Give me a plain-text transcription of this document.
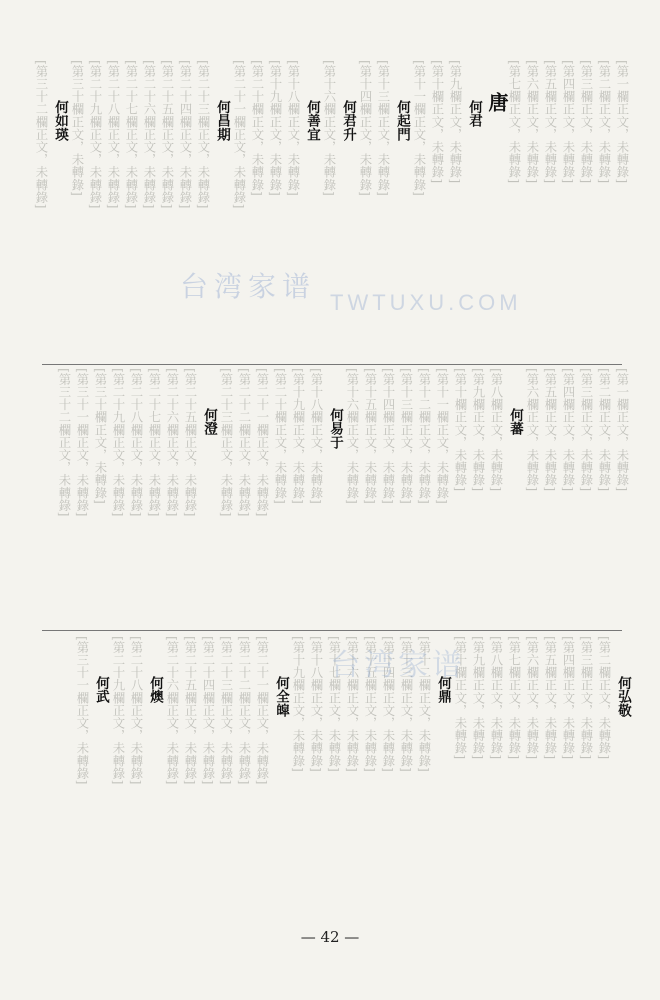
[第一欄正文，未轉錄]
[第二欄正文，未轉錄]
[第三欄正文，未轉錄]
[第四欄正文，未轉錄]
[第五欄正文，未轉錄]
[第六欄正文，未轉錄]
[第七欄正文，未轉錄]
唐
何君
[第九欄正文，未轉錄]
[第十欄正文，未轉錄]
[第十一欄正文，未轉錄]
何起門
[第十三欄正文，未轉錄]
[第十四欄正文，未轉錄]
何君升
[第十六欄正文，未轉錄]
何善宜
[第十八欄正文，未轉錄]
[第十九欄正文，未轉錄]
[第二十欄正文，未轉錄]
[第二十一欄正文，未轉錄]
何昌期
[第二十三欄正文，未轉錄]
[第二十四欄正文，未轉錄]
[第二十五欄正文，未轉錄]
[第二十六欄正文，未轉錄]
[第二十七欄正文，未轉錄]
[第二十八欄正文，未轉錄]
[第二十九欄正文，未轉錄]
[第三十欄正文，未轉錄]
何如瑛
[第三十二欄正文，未轉錄]
[第一欄正文，未轉錄]
[第二欄正文，未轉錄]
[第三欄正文，未轉錄]
[第四欄正文，未轉錄]
[第五欄正文，未轉錄]
[第六欄正文，未轉錄]
何蕃
[第八欄正文，未轉錄]
[第九欄正文，未轉錄]
[第十欄正文，未轉錄]
[第十一欄正文，未轉錄]
[第十二欄正文，未轉錄]
[第十三欄正文，未轉錄]
[第十四欄正文，未轉錄]
[第十五欄正文，未轉錄]
[第十六欄正文，未轉錄]
何易于
[第十八欄正文，未轉錄]
[第十九欄正文，未轉錄]
[第二十欄正文，未轉錄]
[第二十一欄正文，未轉錄]
[第二十二欄正文，未轉錄]
[第二十三欄正文，未轉錄]
何澄
[第二十五欄正文，未轉錄]
[第二十六欄正文，未轉錄]
[第二十七欄正文，未轉錄]
[第二十八欄正文，未轉錄]
[第二十九欄正文，未轉錄]
[第三十欄正文，未轉錄]
[第三十一欄正文，未轉錄]
[第三十二欄正文，未轉錄]
何弘敬
[第二欄正文，未轉錄]
[第三欄正文，未轉錄]
[第四欄正文，未轉錄]
[第五欄正文，未轉錄]
[第六欄正文，未轉錄]
[第七欄正文，未轉錄]
[第八欄正文，未轉錄]
[第九欄正文，未轉錄]
[第十欄正文，未轉錄]
何鼎
[第十二欄正文，未轉錄]
[第十三欄正文，未轉錄]
[第十四欄正文，未轉錄]
[第十五欄正文，未轉錄]
[第十六欄正文，未轉錄]
[第十七欄正文，未轉錄]
[第十八欄正文，未轉錄]
[第十九欄正文，未轉錄]
何全皡
[第二十一欄正文，未轉錄]
[第二十二欄正文，未轉錄]
[第二十三欄正文，未轉錄]
[第二十四欄正文，未轉錄]
[第二十五欄正文，未轉錄]
[第二十六欄正文，未轉錄]
何燠
[第二十八欄正文，未轉錄]
[第二十九欄正文，未轉錄]
何武
[第三十一欄正文，未轉錄]
台湾家谱
TWTUXU.COM
台湾家谱
— 42 —
